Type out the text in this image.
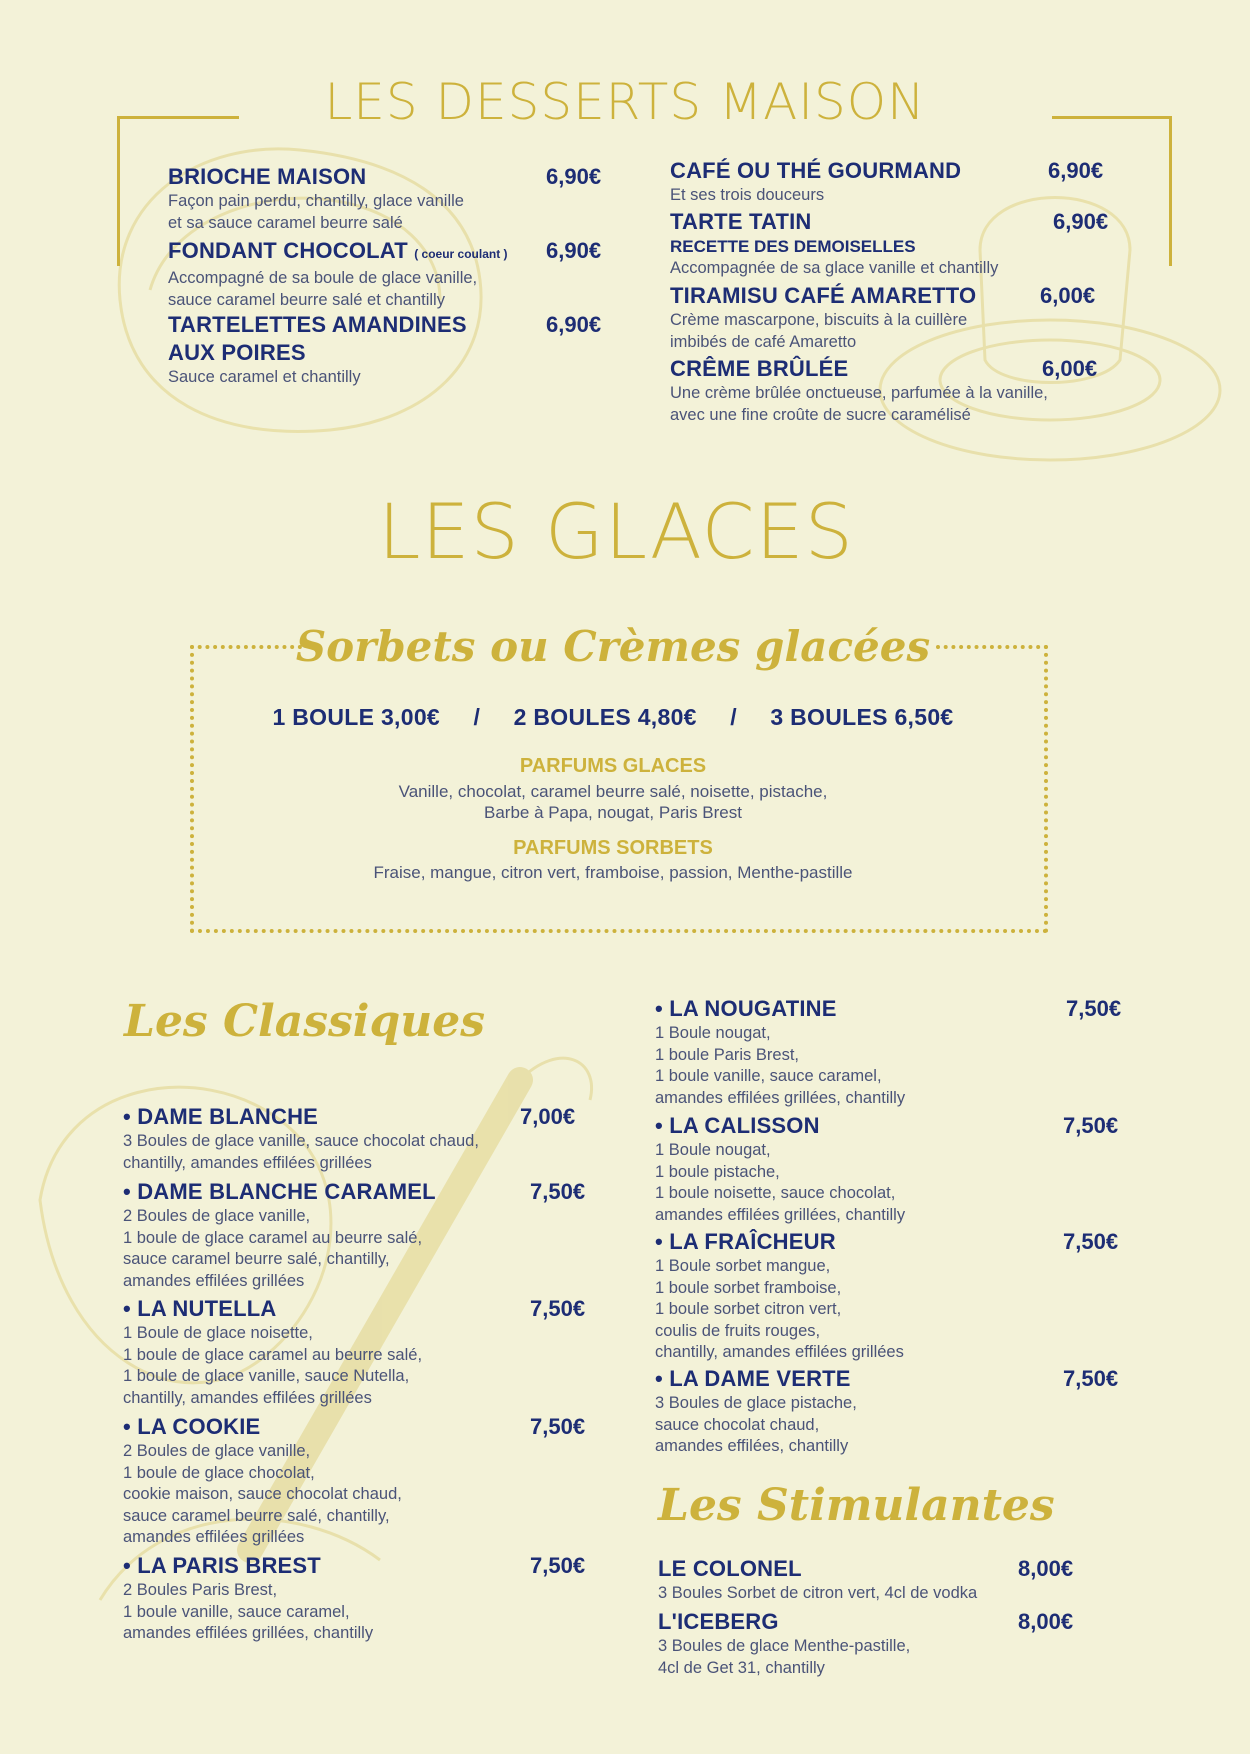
LES DESSERTS MAISON
BRIOCHE MAISON
Façon pain perdu, chantilly, glace vanille
et sa sauce caramel beurre salé
6,90€
FONDANT CHOCOLAT ( coeur coulant )
Accompagné de sa boule de glace vanille,
sauce caramel beurre salé et chantilly
6,90€
TARTELETTES AMANDINES
AUX POIRES
Sauce caramel et chantilly
6,90€
CAFÉ OU THÉ GOURMAND
Et ses trois douceurs
6,90€
TARTE TATIN
RECETTE DES DEMOISELLES
Accompagnée de sa glace vanille et chantilly
6,90€
TIRAMISU CAFÉ AMARETTO
Crème mascarpone, biscuits à la cuillère
imbibés de café Amaretto
6,00€
CRÊME BRÛLÉE
Une crème brûlée onctueuse, parfumée à la vanille,
avec une fine croûte de sucre caramélisé
6,00€
LES GLACES
Sorbets ou Crèmes glacées
1 BOULE 3,00€     /     2 BOULES 4,80€     /     3 BOULES 6,50€
PARFUMS GLACES
Vanille, chocolat, caramel beurre salé, noisette, pistache,
Barbe à Papa, nougat, Paris Brest
PARFUMS SORBETS
Fraise, mangue, citron vert, framboise, passion, Menthe-pastille
Les Classiques
• DAME BLANCHE
3 Boules de glace vanille, sauce chocolat chaud,
chantilly, amandes effilées grillées
7,00€
• DAME BLANCHE CARAMEL
2 Boules de glace vanille,
1 boule de glace caramel au beurre salé,
sauce caramel beurre salé, chantilly,
amandes effilées grillées
7,50€
• LA NUTELLA
1 Boule de glace noisette,
1 boule de glace caramel au beurre salé,
1 boule de glace vanille, sauce Nutella,
chantilly, amandes effilées grillées
7,50€
• LA COOKIE
2 Boules de glace vanille,
1 boule de glace chocolat,
cookie maison, sauce chocolat chaud,
sauce caramel beurre salé, chantilly,
amandes effilées grillées
7,50€
• LA PARIS BREST
2 Boules Paris Brest,
1 boule vanille, sauce caramel,
amandes effilées grillées, chantilly
7,50€
• LA NOUGATINE
1 Boule nougat,
1 boule Paris Brest,
1 boule vanille, sauce caramel,
amandes effilées grillées, chantilly
7,50€
• LA CALISSON
1 Boule nougat,
1 boule pistache,
1 boule noisette, sauce chocolat,
amandes effilées grillées, chantilly
7,50€
• LA FRAÎCHEUR
1 Boule sorbet mangue,
1 boule sorbet framboise,
1 boule sorbet citron vert,
coulis de fruits rouges,
chantilly, amandes effilées grillées
7,50€
• LA DAME VERTE
3 Boules de glace pistache,
sauce chocolat chaud,
amandes effilées, chantilly
7,50€
Les Stimulantes
LE COLONEL
3 Boules Sorbet de citron vert, 4cl de vodka
8,00€
L'ICEBERG
3 Boules de glace Menthe-pastille,
4cl de Get 31, chantilly
8,00€
